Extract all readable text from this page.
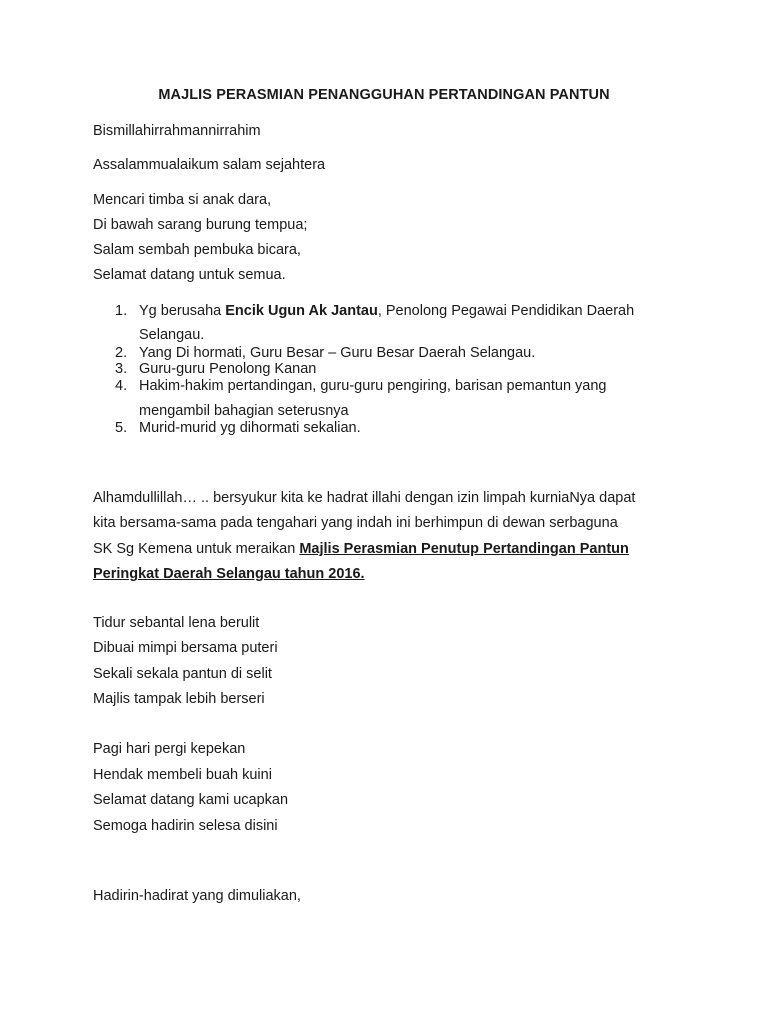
MAJLIS PERASMIAN PENANGGUHAN PERTANDINGAN PANTUN
Bismillahirrahmannirrahim
Assalammualaikum salam sejahtera
Mencari timba si anak dara,
Di bawah sarang burung tempua;
Salam sembah pembuka bicara,
Selamat datang untuk semua.
1. Yg berusaha Encik Ugun Ak Jantau, Penolong Pegawai Pendidikan Daerah
Selangau.
2. Yang Di hormati, Guru Besar – Guru Besar Daerah Selangau.
3. Guru-guru Penolong Kanan
4. Hakim-hakim pertandingan, guru-guru pengiring, barisan pemantun yang
mengambil bahagian seterusnya
5. Murid-murid yg dihormati sekalian.
Alhamdullillah… .. bersyukur kita ke hadrat illahi dengan izin limpah kurniaNya dapat
kita bersama-sama pada tengahari yang indah ini berhimpun di dewan serbaguna
SK Sg Kemena untuk meraikan Majlis Perasmian Penutup Pertandingan Pantun
Peringkat Daerah Selangau tahun 2016.
Tidur sebantal lena berulit
Dibuai mimpi bersama puteri
Sekali sekala pantun di selit
Majlis tampak lebih berseri
Pagi hari pergi kepekan
Hendak membeli buah kuini
Selamat datang kami ucapkan
Semoga hadirin selesa disini
Hadirin-hadirat yang dimuliakan,
